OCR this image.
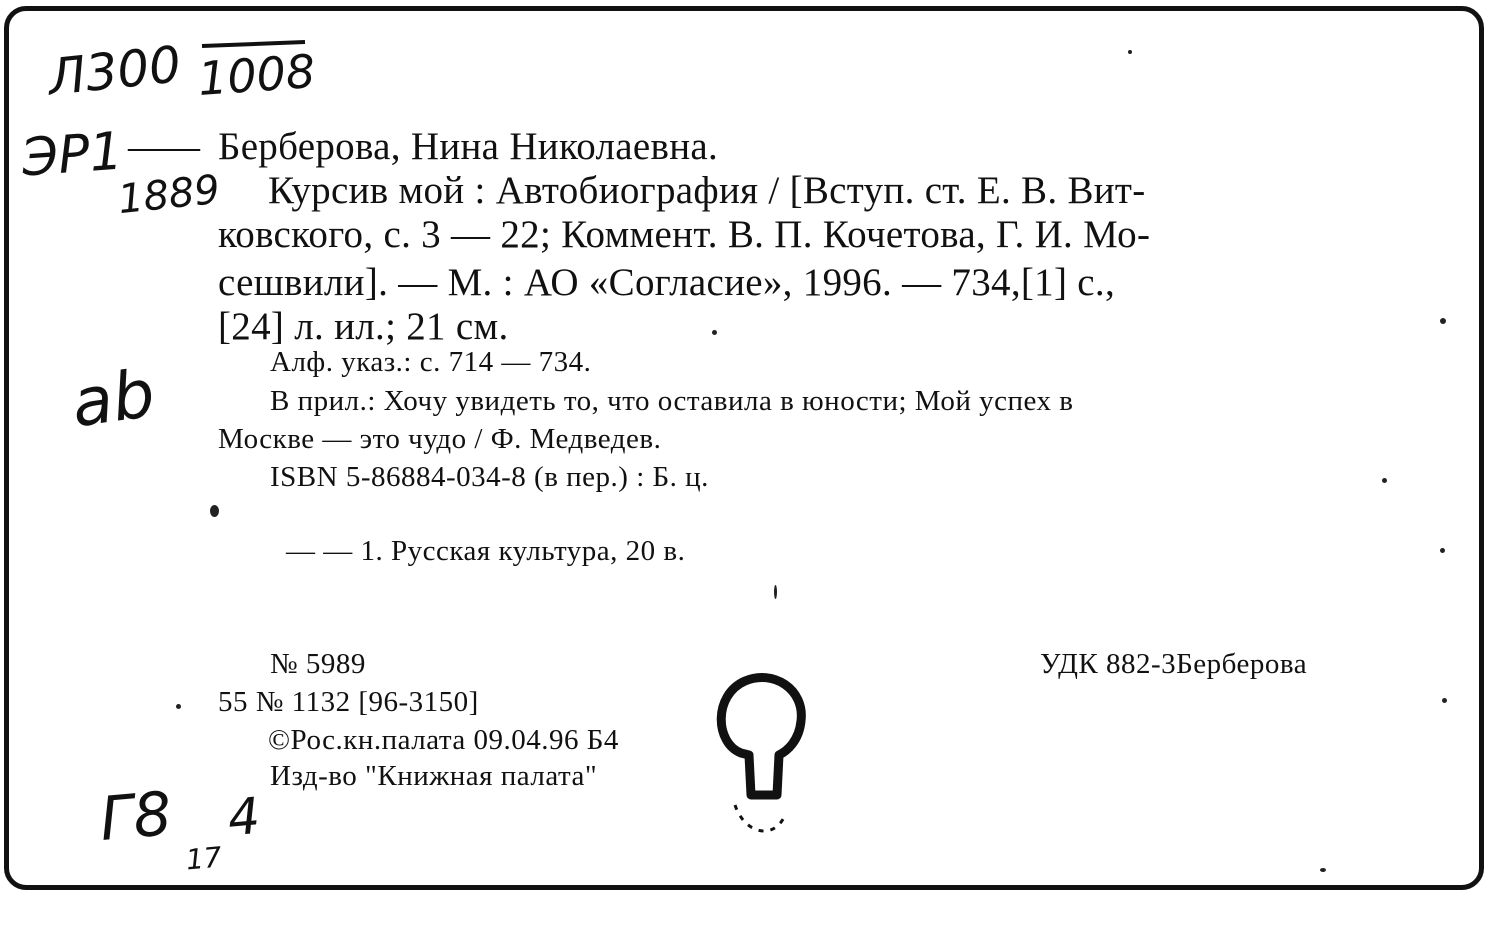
Л300 1008
ЭР1
1889
ab
Г8 4
17
—— Берберова, Нина Николаевна.
Курсив мой : Автобиография / [Вступ. ст. Е. В. Вит-
ковского, с. 3 — 22; Коммент. В. П. Кочетова, Г. И. Мо-
сешвили]. — М. : АО «Согласие», 1996. — 734,[1] с.,
[24] л. ил.; 21 см.
Алф. указ.: с. 714 — 734.
В прил.: Хочу увидеть то, что оставила в юности; Мой успех в
Москве — это чудо / Ф. Медведев.
ISBN 5-86884-034-8 (в пер.) : Б. ц.
— — 1. Русская культура, 20 в.
№ 5989
55 № 1132 [96-3150]
©Рос.кн.палата 09.04.96 Б4
Изд-во "Книжная палата"
УДК 882-3Берберова
